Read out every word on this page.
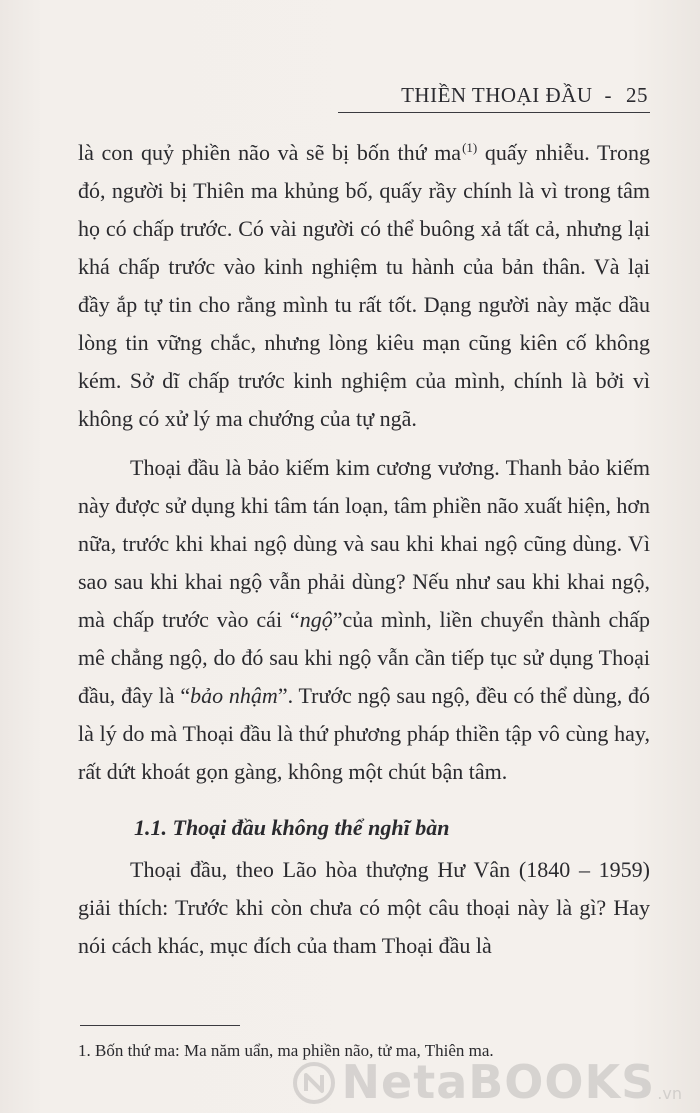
THIỀN THOẠI ĐẦU - 25

là con quỷ phiền não và sẽ bị bốn thứ $ma^{(1)}$ quấy nhiễu. Trong đó, người bị Thiên ma khủng bố, quấy rầy chính là vì trong tâm họ có chấp trước. Có vài người có thể buông xả tất cả, nhưng lại khá chấp trước vào kinh nghiệm tu hành của bản thân. Và lại đầy ắp tự tin cho rằng mình tu rất tốt. Dạng người này mặc dầu lòng tin vững chắc, nhưng lòng kiêu mạn cũng kiên cố không kém. Sở dĩ chấp trước kinh nghiệm của mình, chính là bởi vì không có xử lý ma chướng của tự ngã.

Thoại đầu là bảo kiếm kim cương vương. Thanh bảo kiếm này được sử dụng khi tâm tán loạn, tâm phiền não xuất hiện, hơn nữa, trước khi khai ngộ dùng và sau khi khai ngộ cũng dùng. Vì sao sau khi khai ngộ vẫn phải dùng? Nếu như sau khi khai ngộ, mà chấp trước vào cái “ngộ”của mình, liền chuyển thành chấp mê chẳng ngộ, do đó sau khi ngộ vẫn cần tiếp tục sử dụng Thoại đầu, đây là “bảo nhậm”. Trước ngộ sau ngộ, đều có thể dùng, đó là lý do mà Thoại đầu là thứ phương pháp thiền tập vô cùng hay, rất dứt khoát gọn gàng, không một chút bận tâm.

1.1. Thoại đầu không thể nghĩ bàn

Thoại đầu, theo Lão hòa thượng Hư Vân (1840 – 1959) giải thích: Trước khi còn chưa có một câu thoại này là gì? Hay nói cách khác, mục đích của tham Thoại đầu là

1. Bốn thứ ma: Ma năm uẩn, ma phiền não, tử ma, Thiên ma.
NetaBOOKS .vn
